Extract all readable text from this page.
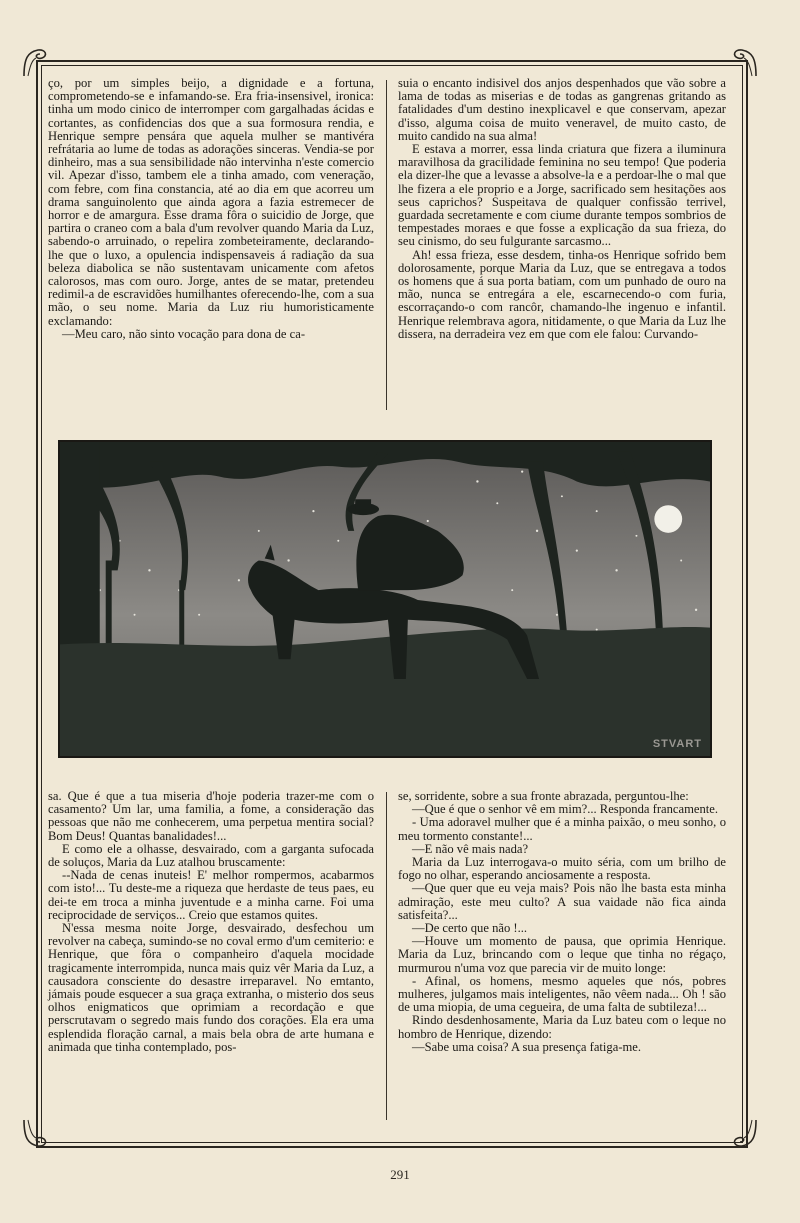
ço, por um simples beijo, a dignidade e a fortuna, comprometendo-se e infamando-se. Era fria-insensivel, ironica: tinha um modo cinico de interromper com gargalhadas ácidas e cortantes, as confidencias dos que a sua formosura rendia, e Henrique sempre pensára que aquela mulher se mantivéra refrátaria ao lume de todas as adorações sinceras. Vendia-se por dinheiro, mas a sua sensibilidade não intervinha n'este comercio vil. Apezar d'isso, tambem ele a tinha amado, com veneração, com febre, com fina constancia, até ao dia em que acorreu um drama sanguinolento que ainda agora a fazia estremecer de horror e de amargura. Esse drama fôra o suicidio de Jorge, que partira o craneo com a bala d'um revolver quando Maria da Luz, sabendo-o arruinado, o repelira zombeteiramente, declarando-lhe que o luxo, a opulencia indispensaveis á radiação da sua beleza diabolica se não sustentavam unicamente com afetos calorosos, mas com ouro. Jorge, antes de se matar, pretendeu redimil-a de escravidões humilhantes oferecendo-lhe, com a sua mão, o seu nome. Maria da Luz riu humoristicamente exclamando:

—Meu caro, não sinto vocação para dona de ca-

suia o encanto indisivel dos anjos despenhados que vão sobre a lama de todas as miserias e de todas as gangrenas gritando as fatalidades d'um destino inexplicavel e que conservam, apezar d'isso, alguma coisa de muito veneravel, de muito casto, de muito candido na sua alma!

E estava a morrer, essa linda criatura que fizera a iluminura maravilhosa da gracilidade feminina no seu tempo! Que poderia ela dizer-lhe que a levasse a absolve-la e a perdoar-lhe o mal que lhe fizera a ele proprio e a Jorge, sacrificado sem hesitações aos seus caprichos? Suspeitava de qualquer confissão terrivel, guardada secretamente e com ciume durante tempos sombrios de tempestades moraes e que fosse a explicação da sua frieza, do seu cinismo, do seu fulgurante sarcasmo...

Ah! essa frieza, esse desdem, tinha-os Henrique sofrido bem dolorosamente, porque Maria da Luz, que se entregava a todos os homens que á sua porta batiam, com um punhado de ouro na mão, nunca se entregára a ele, escarnecendo-o com furia, escorraçando-o com rancôr, chamando-lhe ingenuo e infantil. Henrique relembrava agora, nitidamente, o que Maria da Luz lhe dissera, na derradeira vez em que com ele falou: Curvando-

STVART

sa. Que é que a tua miseria d'hoje poderia trazer-me com o casamento? Um lar, uma familia, a fome, a consideração das pessoas que não me conhecerem, uma perpetua mentira social? Bom Deus! Quantas banalidades!...

E como ele a olhasse, desvairado, com a garganta sufocada de soluços, Maria da Luz atalhou bruscamente:

--Nada de cenas inuteis! E' melhor rompermos, acabarmos com isto!... Tu deste-me a riqueza que herdaste de teus paes, eu dei-te em troca a minha juventude e a minha carne. Foi uma reciprocidade de serviços... Creio que estamos quites.

N'essa mesma noite Jorge, desvairado, desfechou um revolver na cabeça, sumindo-se no coval ermo d'um cemiterio: e Henrique, que fôra o companheiro d'aquela mocidade tragicamente interrompida, nunca mais quiz vêr Maria da Luz, a causadora consciente do desastre irreparavel. No emtanto, jámais poude esquecer a sua graça extranha, o misterio dos seus olhos enigmaticos que oprimiam a recordação e que perscrutavam o segredo mais fundo dos corações. Ela era uma esplendida floração carnal, a mais bela obra de arte humana e animada que tinha contemplado, pos-

se, sorridente, sobre a sua fronte abrazada, perguntou-lhe:

—Que é que o senhor vê em mim?... Responda francamente.

- Uma adoravel mulher que é a minha paixão, o meu sonho, o meu tormento constante!...

—E não vê mais nada?

Maria da Luz interrogava-o muito séria, com um brilho de fogo no olhar, esperando anciosamente a resposta.

—Que quer que eu veja mais? Pois não lhe basta esta minha admiração, este meu culto? A sua vaidade não fica ainda satisfeita?...

—De certo que não !...

—Houve um momento de pausa, que oprimia Henrique. Maria da Luz, brincando com o leque que tinha no régaço, murmurou n'uma voz que parecia vir de muito longe:

- Afinal, os homens, mesmo aqueles que nós, pobres mulheres, julgamos mais inteligentes, não vêem nada... Oh ! são de uma miopia, de uma cegueira, de uma falta de subtileza!...

Rindo desdenhosamente, Maria da Luz bateu com o leque no hombro de Henrique, dizendo:

—Sabe uma coisa? A sua presença fatiga-me.

291
